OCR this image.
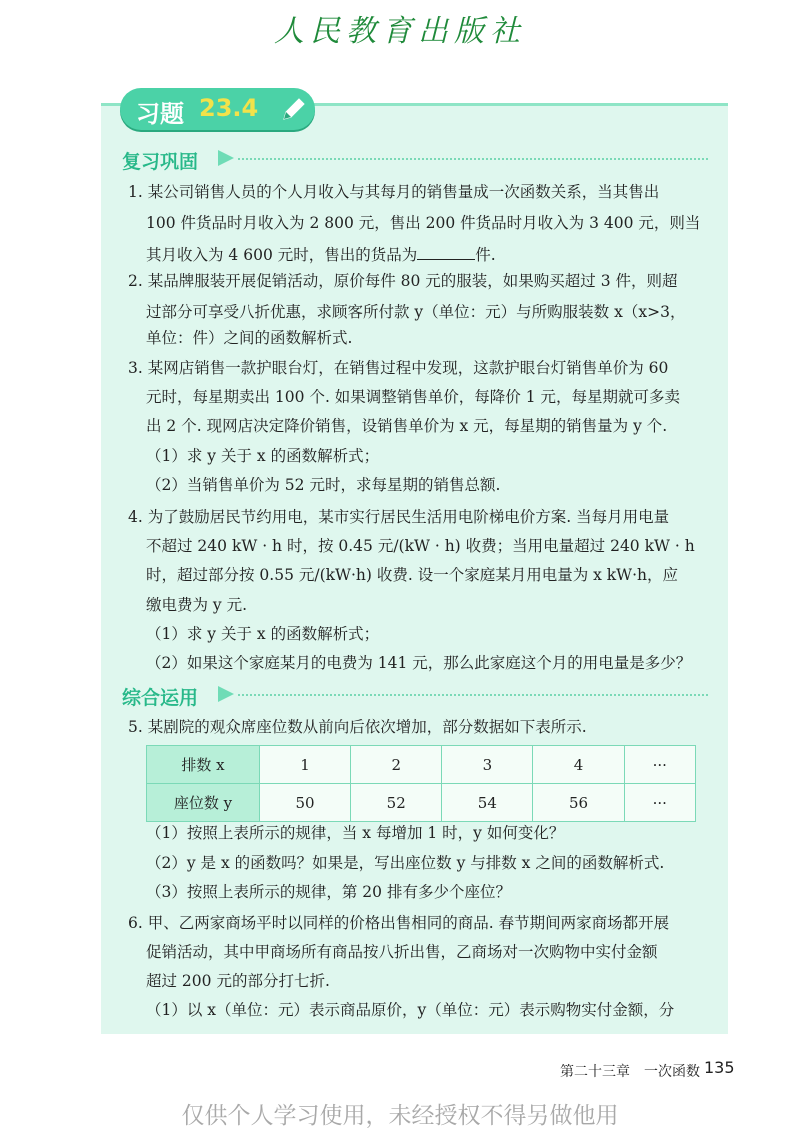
人民教育出版社
习题 23.4
复习巩固
1. 某公司销售人员的个人月收入与其每月的销售量成一次函数关系，当其售出
100 件货品时月收入为 2 800 元，售出 200 件货品时月收入为 3 400 元，则当
其月收入为 4 600 元时，售出的货品为	件.
2. 某品牌服装开展促销活动，原价每件 80 元的服装，如果购买超过 3 件，则超
过部分可享受八折优惠，求顾客所付款 y（单位：元）与所购服装数 x（x>3，
单位：件）之间的函数解析式.
3. 某网店销售一款护眼台灯，在销售过程中发现，这款护眼台灯销售单价为 60
元时，每星期卖出 100 个. 如果调整销售单价，每降价 1 元，每星期就可多卖
出 2 个. 现网店决定降价销售，设销售单价为 x 元，每星期的销售量为 y 个.
（1）求 y 关于 x 的函数解析式；
（2）当销售单价为 52 元时，求每星期的销售总额.
4. 为了鼓励居民节约用电，某市实行居民生活用电阶梯电价方案. 当每月用电量
不超过 240 kW · h 时，按 0.45 元/(kW · h) 收费；当用电量超过 240 kW · h
时，超过部分按 0.55 元/(kW·h) 收费. 设一个家庭某月用电量为 x kW·h，应
缴电费为 y 元.
（1）求 y 关于 x 的函数解析式；
（2）如果这个家庭某月的电费为 141 元，那么此家庭这个月的用电量是多少？
综合运用
5. 某剧院的观众席座位数从前向后依次增加，部分数据如下表所示.
排数 x	1	2	3	4	···
座位数 y	50	52	54	56	···
（1）按照上表所示的规律，当 x 每增加 1 时，y 如何变化？
（2）y 是 x 的函数吗？如果是，写出座位数 y 与排数 x 之间的函数解析式.
（3）按照上表所示的规律，第 20 排有多少个座位？
6. 甲、乙两家商场平时以同样的价格出售相同的商品. 春节期间两家商场都开展
促销活动，其中甲商场所有商品按八折出售，乙商场对一次购物中实付金额
超过 200 元的部分打七折.
（1）以 x（单位：元）表示商品原价，y（单位：元）表示购物实付金额，分
第二十三章　一次函数 135
仅供个人学习使用，未经授权不得另做他用
